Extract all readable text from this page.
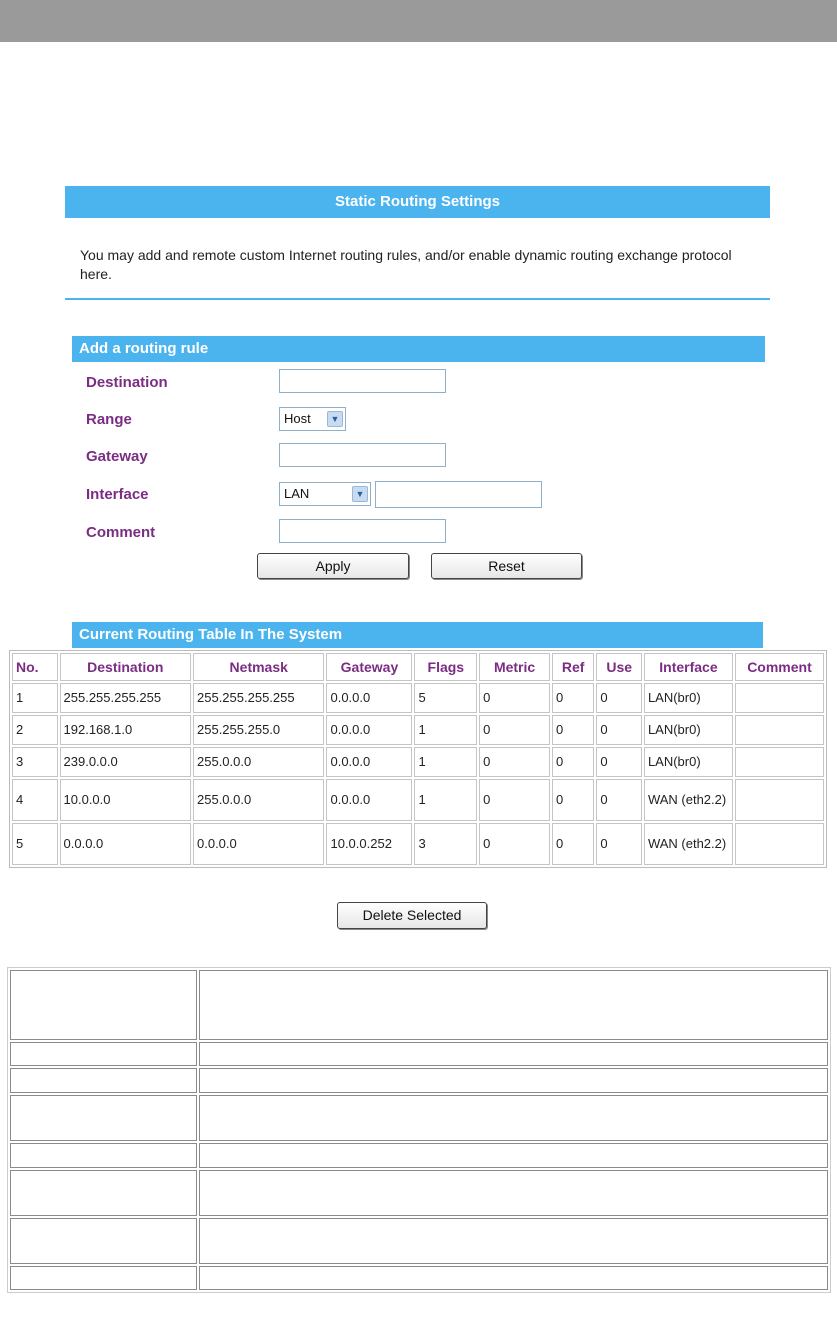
Static Routing Settings
You may add and remote custom Internet routing rules, and/or enable dynamic routing exchange protocol here.
Add a routing rule
Destination
Range	Host	▼
Gateway
Interface	LAN	▼
Comment
Apply	Reset
Current Routing Table In The System
No.	Destination	Netmask	Gateway	Flags	Metric	Ref	Use	Interface	Comment
1	255.255.255.255	255.255.255.255	0.0.0.0	5	0	0	0	LAN(br0)	
2	192.168.1.0	255.255.255.0	0.0.0.0	1	0	0	0	LAN(br0)	
3	239.0.0.0	255.0.0.0	0.0.0.0	1	0	0	0	LAN(br0)	
4	10.0.0.0	255.0.0.0	0.0.0.0	1	0	0	0	WAN (eth2.2)	
5	0.0.0.0	0.0.0.0	10.0.0.252	3	0	0	0	WAN (eth2.2)	
Delete Selected
